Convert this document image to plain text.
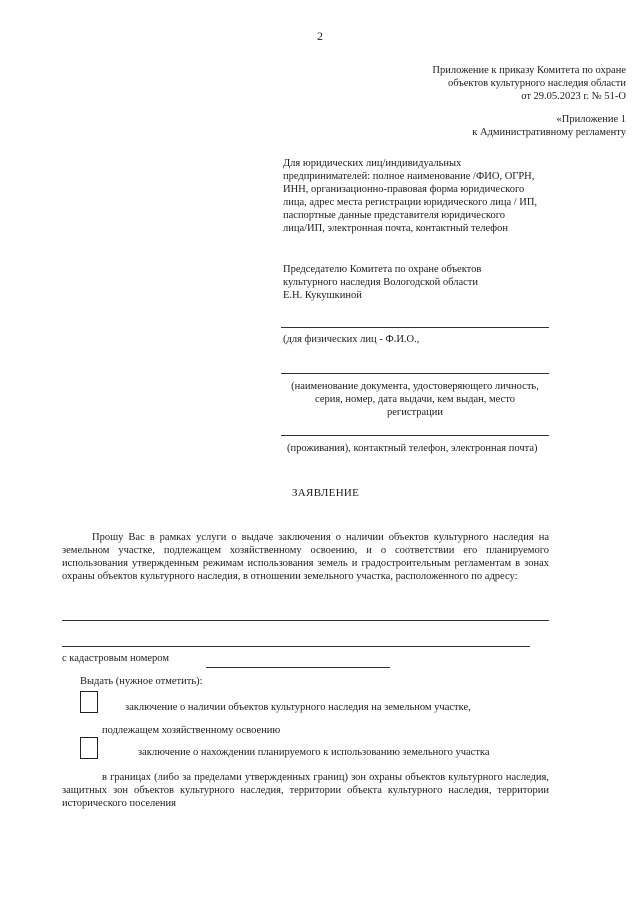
2
Приложение к приказу Комитета по охране
объектов культурного наследия области
от 29.05.2023 г. № 51-О
«Приложение 1
к Административному регламенту
Для юридических лиц/индивидуальных
предпринимателей: полное наименование /ФИО, ОГРН,
ИНН, организационно-правовая форма юридического
лица, адрес места регистрации юридического лица / ИП,
паспортные данные представителя юридического
лица/ИП, электронная почта, контактный телефон
Председателю Комитета по охране объектов
культурного наследия Вологодской области
Е.Н. Кукушкиной
(для физических лиц - Ф.И.О.,
(наименование документа, удостоверяющего личность,
серия, номер, дата выдачи, кем выдан, место
регистрации
(проживания), контактный телефон, электронная почта)
ЗАЯВЛЕНИЕ
Прошу Вас в рамках услуги о выдаче заключения о наличии объектов культурного наследия на земельном участке, подлежащем хозяйственному освоению, и о соответствии его планируемого использования утвержденным режимам использования земель и градостроительным регламентам в зонах охраны объектов культурного наследия, в отношении земельного участка, расположенного по адресу:
с кадастровым номером
Выдать (нужное отметить):
заключение о наличии объектов культурного наследия на земельном участке,
подлежащем хозяйственному освоению
заключение о нахождении планируемого к использованию земельного участка
в границах (либо за пределами утвержденных границ) зон охраны объектов культурного наследия, защитных зон объектов культурного наследия, территории объекта культурного наследия, территории исторического поселения
